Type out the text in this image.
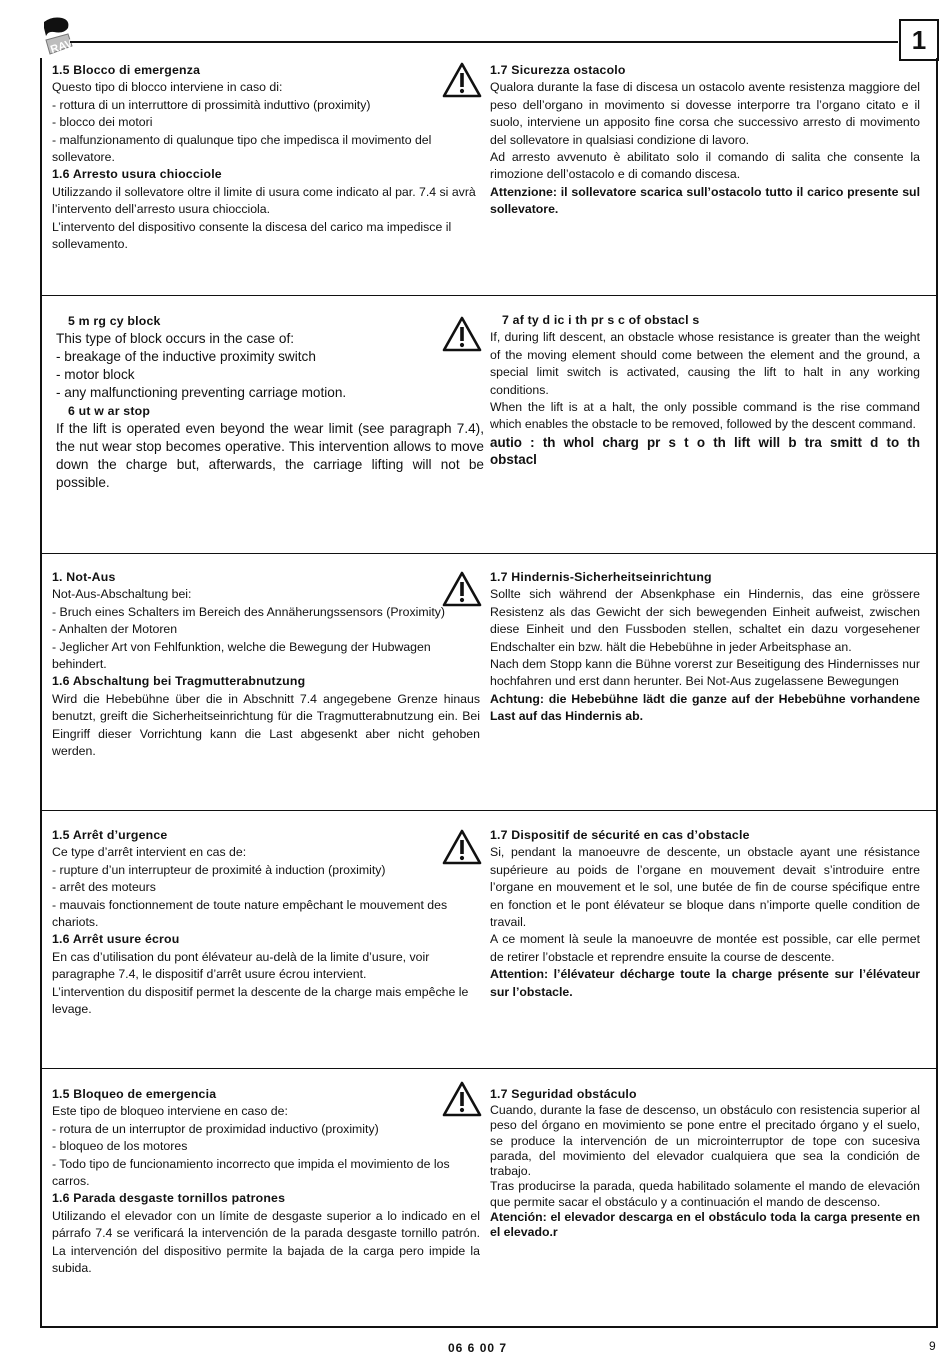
RAV	1

1.5 Blocco di emergenza

Questo tipo di blocco interviene in caso di:

- rottura di un interruttore di prossimità induttivo (proximity)

- blocco dei motori

- malfunzionamento di qualunque tipo che impedisca il movimento del sollevatore.

1.6 Arresto usura chiocciole

Utilizzando il sollevatore oltre il limite di usura come indicato al par. 7.4 si avrà l’intervento dell’arresto usura chiocciola.

L’intervento del dispositivo consente la discesa del carico ma impedisce il sollevamento.

1.7 Sicurezza ostacolo

Qualora durante la fase di discesa un ostacolo avente resistenza maggiore del peso dell’organo in movimento si dovesse interporre tra l’organo citato e il suolo, interviene un apposito fine corsa che successivo arresto di movimento del sollevatore in qualsiasi condizione di lavoro.

Ad arresto avvenuto è abilitato solo il comando di salita che consente la rimozione dell’ostacolo e di comando discesa.

Attenzione: il sollevatore scarica sull’ostacolo tutto il carico presente sul sollevatore.

5 m rg cy block

This type of block occurs in the case of:

- breakage of the inductive proximity switch

- motor block

- any malfunctioning preventing carriage motion.

6 ut w ar stop

If the lift is operated even beyond the wear limit (see paragraph 7.4), the nut wear stop becomes operative. This intervention allows to move down the charge but, afterwards, the carriage lifting will not be possible.

7 af ty d ic i th pr s c of obstacl s

If, during lift descent, an obstacle whose resistance is greater than the weight of the moving element should come between the element and the ground, a special limit switch is activated, causing the lift to halt in any working conditions.

When the lift is at a halt, the only possible command is the rise command which enables the obstacle to be removed, followed by the descent command.

autio : th whol charg pr s t o th lift will b tra smitt d to th obstacl

1. Not-Aus

Not-Aus-Abschaltung bei:

- Bruch eines Schalters im Bereich des Annäherungssensors (Proximity)

- Anhalten der Motoren

- Jeglicher Art von Fehlfunktion, welche die Bewegung der Hubwagen behindert.

1.6 Abschaltung bei Tragmutterabnutzung

Wird die Hebebühne über die in Abschnitt 7.4 angegebene Grenze hinaus benutzt, greift die Sicherheitseinrichtung für die Tragmutterabnutzung ein. Bei Eingriff dieser Vorrichtung kann die Last abgesenkt aber nicht gehoben werden.

1.7 Hindernis-Sicherheitseinrichtung

Sollte sich während der Absenkphase ein Hindernis, das eine grössere Resistenz als das Gewicht der sich bewegenden Einheit aufweist, zwischen diese Einheit und den Fussboden stellen, schaltet ein dazu vorgesehener Endschalter ein bzw. hält die Hebebühne in jeder Arbeitsphase an.

Nach dem Stopp kann die Bühne vorerst zur Beseitigung des Hindernisses nur hochfahren und erst dann herunter. Bei Not-Aus zugelassene Bewegungen

Achtung: die Hebebühne lädt die ganze auf der Hebebühne vorhandene Last auf das Hindernis ab.

1.5 Arrêt d’urgence

Ce type d’arrêt intervient en cas de:

- rupture d’un interrupteur de proximité à induction (proximity)

- arrêt des moteurs

- mauvais fonctionnement de toute nature empêchant le mouvement des chariots.

1.6 Arrêt usure écrou

En cas d’utilisation du pont élévateur au-delà de la limite d’usure, voir paragraphe 7.4, le dispositif d’arrêt usure écrou intervient.

L’intervention du dispositif permet la descente de la charge mais empêche le levage.

1.7 Dispositif de sécurité en cas d’obstacle

Si, pendant la manoeuvre de descente, un obstacle ayant une résistance supérieure au poids de l’organe en mouvement devait s’introduire entre l’organe en mouvement et le sol, une butée de fin de course spécifique entre en fonction et le pont élévateur se bloque dans n’importe quelle condition de travail.

A ce moment là seule la manoeuvre de montée est possible, car elle permet de retirer l’obstacle et reprendre ensuite la course de descente.

Attention: l’élévateur décharge toute la charge présente sur l’élévateur sur l’obstacle.

1.5 Bloqueo de emergencia

Este tipo de bloqueo interviene en caso de:

- rotura de un interruptor de proximidad inductivo (proximity)

- bloqueo de los motores

- Todo tipo de funcionamiento incorrecto que impida el movimiento de los carros.

1.6 Parada desgaste tornillos patrones

Utilizando el elevador con un límite de desgaste superior a lo indicado en el párrafo 7.4 se verificará la intervención de la parada desgaste tornillo patrón. La intervención del dispositivo permite la bajada de la carga pero impide la subida.

1.7 Seguridad obstáculo

Cuando, durante la fase de descenso, un obstáculo con resistencia superior al peso del órgano en movimiento se pone entre el precitado órgano y el suelo, se produce la intervención de un microinterruptor de tope con sucesiva parada, del movimiento del elevador cualquiera que sea la condición de trabajo.

Tras producirse la parada, queda habilitado solamente el mando de elevación que permite sacar el obstáculo y a continuación el mando de descenso.

Atención: el elevador descarga en el obstáculo toda la carga presente en el elevado.r

06 6 00 7	9
